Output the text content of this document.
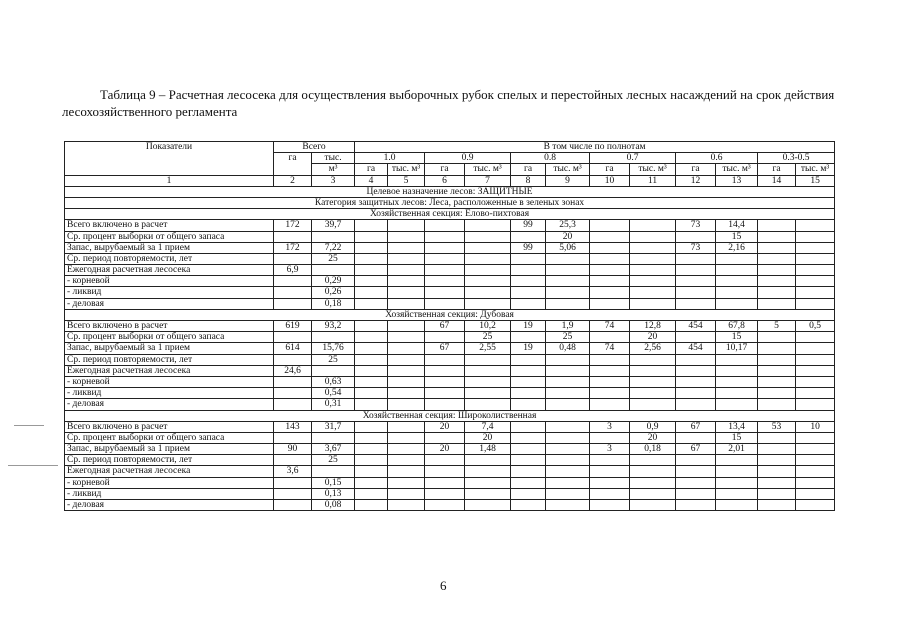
Таблица 9 – Расчетная лесосека для осуществления выборочных рубок спелых и перестойных лесных насаждений на срок действия лесохозяйственного регламента
Показатели	Всего		В том числе по полнотам											
	га	тыс.	1.0		0.9		0.8		0.7		0.6		0.3-0.5	
		м³	га	тыс. м³	га	тыс. м³	га	тыс. м³	га	тыс. м³	га	тыс. м³	га	тыс. м³
1	2	3	4	5	6	7	8	9	10	11	12	13	14	15
Целевое назначение лесов: ЗАЩИТНЫЕ														
Категория защитных лесов: Леса, расположенные в зеленых зонах														
Хозяйственная секция: Елово-пихтовая														
Всего включено в расчет	172	39,7					99	25,3			73	14,4		
Ср. процент выборки от общего запаса								20				15		
Запас, вырубаемый за 1 прием	172	7,22					99	5,06			73	2,16		
Ср. период повторяемости, лет		25												
Ежегодная расчетная лесосека	6,9													
- корневой		0,29												
- ликвид		0,26												
- деловая		0,18												
Хозяйственная секция: Дубовая														
Всего включено в расчет	619	93,2			67	10,2	19	1,9	74	12,8	454	67,8	5	0,5
Ср. процент выборки от общего запаса						25		25		20		15		
Запас, вырубаемый за 1 прием	614	15,76			67	2,55	19	0,48	74	2,56	454	10,17		
Ср. период повторяемости, лет		25												
Ежегодная расчетная лесосека	24,6													
- корневой		0,63												
- ликвид		0,54												
- деловая		0,31												
Хозяйственная секция: Широколиственная														
Всего включено в расчет	143	31,7			20	7,4			3	0,9	67	13,4	53	10
Ср. процент выборки от общего запаса						20				20		15		
Запас, вырубаемый за 1 прием	90	3,67			20	1,48			3	0,18	67	2,01		
Ср. период повторяемости, лет		25												
Ежегодная расчетная лесосека	3,6													
- корневой		0,15												
- ликвид		0,13												
- деловая		0,08												
6
